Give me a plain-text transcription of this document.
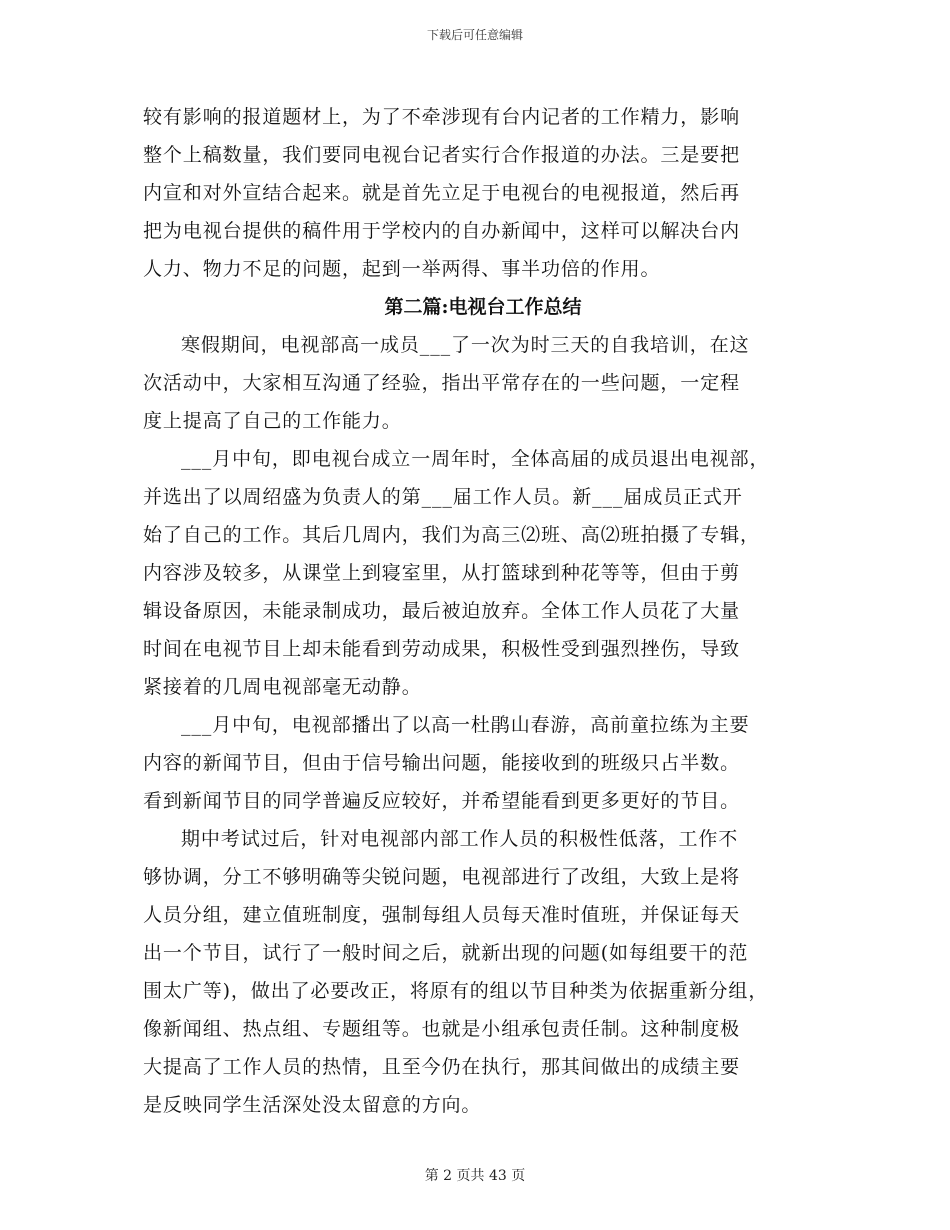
下载后可任意编辑
较有影响的报道题材上，为了不牵涉现有台内记者的工作精力，影响
整个上稿数量，我们要同电视台记者实行合作报道的办法。三是要把
内宣和对外宣结合起来。就是首先立足于电视台的电视报道，然后再
把为电视台提供的稿件用于学校内的自办新闻中，这样可以解决台内
人力、物力不足的问题，起到一举两得、事半功倍的作用。
第二篇:电视台工作总结
寒假期间，电视部高一成员___了一次为时三天的自我培训，在这
次活动中，大家相互沟通了经验，指出平常存在的一些问题，一定程
度上提高了自己的工作能力。
___月中旬，即电视台成立一周年时，全体高届的成员退出电视部，
并选出了以周绍盛为负责人的第___届工作人员。新___届成员正式开
始了自己的工作。其后几周内，我们为高三⑵班、高⑵班拍摄了专辑，
内容涉及较多，从课堂上到寝室里，从打篮球到种花等等，但由于剪
辑设备原因，未能录制成功，最后被迫放弃。全体工作人员花了大量
时间在电视节目上却未能看到劳动成果，积极性受到强烈挫伤，导致
紧接着的几周电视部毫无动静。
___月中旬，电视部播出了以高一杜鹃山春游，高前童拉练为主要
内容的新闻节目，但由于信号输出问题，能接收到的班级只占半数。
看到新闻节目的同学普遍反应较好，并希望能看到更多更好的节目。
期中考试过后，针对电视部内部工作人员的积极性低落，工作不
够协调，分工不够明确等尖锐问题，电视部进行了改组，大致上是将
人员分组，建立值班制度，强制每组人员每天准时值班，并保证每天
出一个节目，试行了一般时间之后，就新出现的问题(如每组要干的范
围太广等)，做出了必要改正，将原有的组以节目种类为依据重新分组，
像新闻组、热点组、专题组等。也就是小组承包责任制。这种制度极
大提高了工作人员的热情，且至今仍在执行，那其间做出的成绩主要
是反映同学生活深处没太留意的方向。
第 2 页共 43 页
